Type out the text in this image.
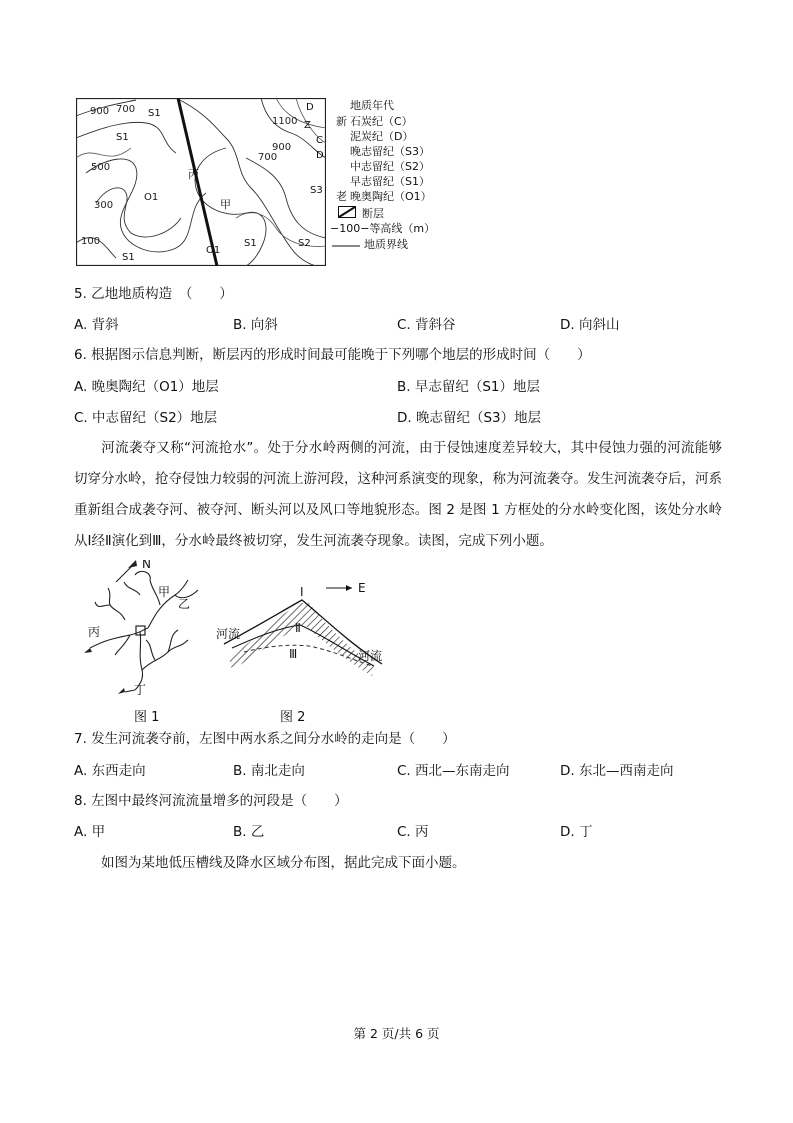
900 700
500
300
100
1100
900
700
S1
S1
O1
S1
O1
S1
S2
S3
D
Z
C
D
丙
甲
地质年代
新 石炭纪（C）
泥炭纪（D）
晚志留纪（S3）
中志留纪（S2）
早志留纪（S1）
老 晚奥陶纪（O1）
断层
−100−等高线（m）
地质界线
5. 乙地地质构造　（　　）
A. 背斜	B. 向斜	C. 背斜谷	D. 向斜山
6. 根据图示信息判断，断层丙的形成时间最可能晚于下列哪个地层的形成时间（　　）
A. 晚奥陶纪（O1）地层	B. 早志留纪（S1）地层
C. 中志留纪（S2）地层	D. 晚志留纪（S3）地层
河流袭夺又称“河流抢水”。处于分水岭两侧的河流，由于侵蚀速度差异较大，其中侵蚀力强的河流能够切穿分水岭，抢夺侵蚀力较弱的河流上游河段，这种河系演变的现象，称为河流袭夺。发生河流袭夺后，河系重新组合成袭夺河、被夺河、断头河以及风口等地貌形态。图 2 是图 1 方框处的分水岭变化图，该处分水岭从Ⅰ经Ⅱ演化到Ⅲ，分水岭最终被切穿，发生河流袭夺现象。读图，完成下列小题。
N
甲
乙
丙
丁
图 1
Ⅰ
Ⅱ
Ⅲ
河流
河流
E
图 2
7. 发生河流袭夺前，左图中两水系之间分水岭的走向是（　　）
A. 东西走向	B. 南北走向	C. 西北—东南走向	D. 东北—西南走向
8. 左图中最终河流流量增多的河段是（　　）
A. 甲	B. 乙	C. 丙	D. 丁
如图为某地低压槽线及降水区域分布图，据此完成下面小题。
第 2 页/共 6 页
